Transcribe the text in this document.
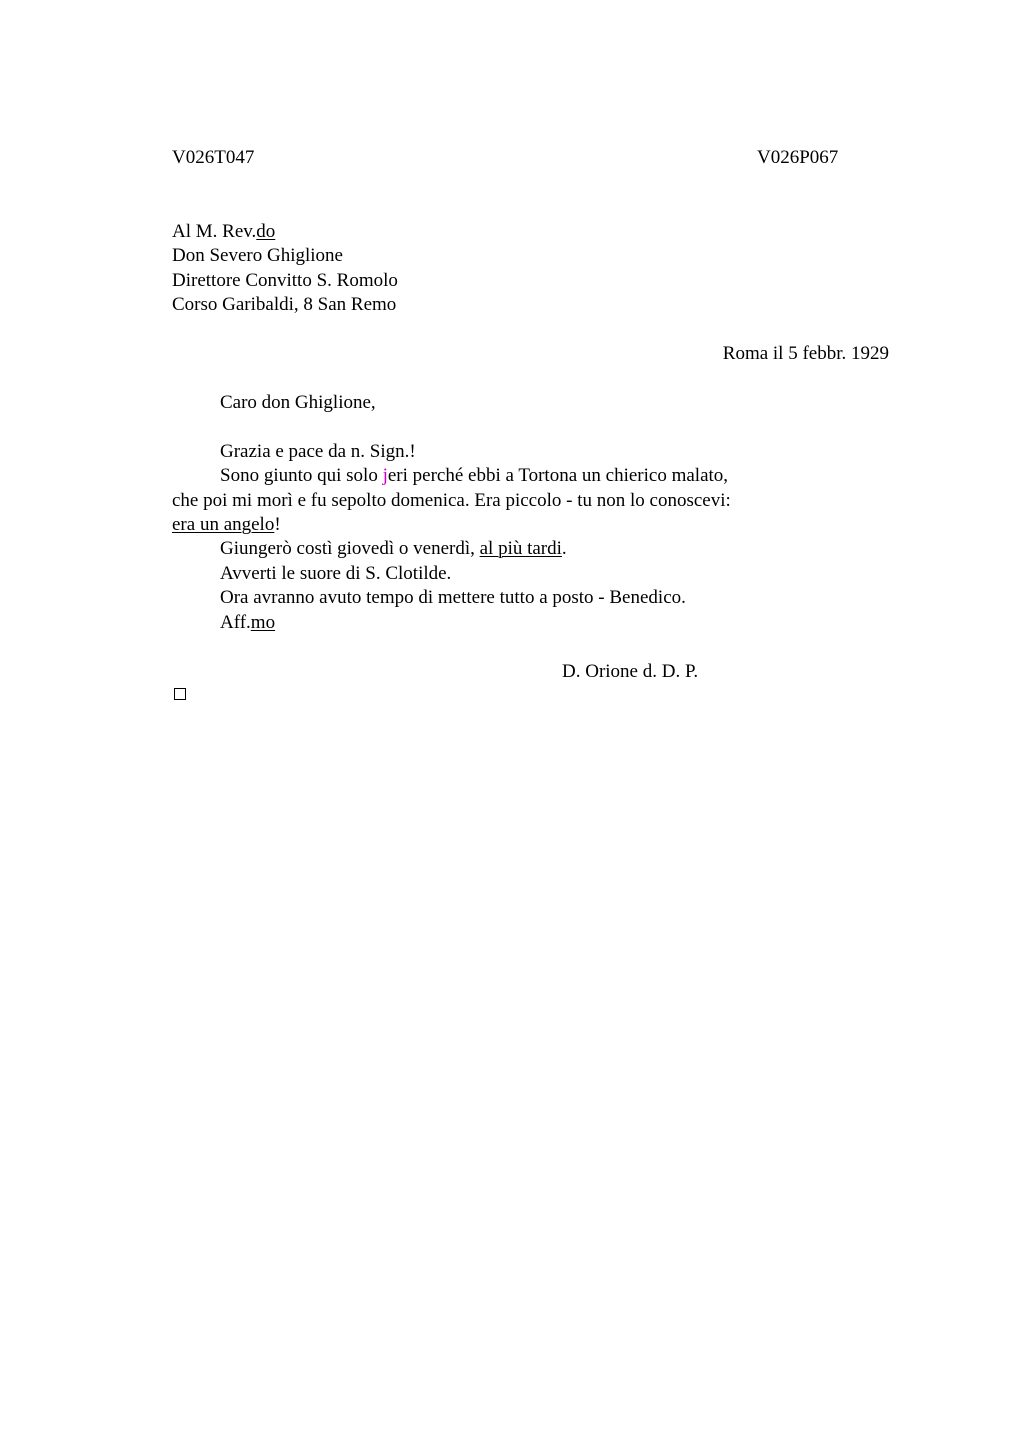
V026T047	V026P067
Al M. Rev.do
Don Severo Ghiglione
Direttore Convitto S. Romolo
Corso Garibaldi, 8 San Remo
Roma il 5 febbr. 1929
Caro don Ghiglione,
Grazia e pace da n. Sign.!
Sono giunto qui solo jeri perché ebbi a Tortona un chierico malato,
che poi mi morì e fu sepolto domenica. Era piccolo - tu non lo conoscevi:
era un angelo!
Giungerò costì giovedì o venerdì, al più tardi.
Avverti le suore di S. Clotilde.
Ora avranno avuto tempo di mettere tutto a posto - Benedico.
Aff.mo
D. Orione d. D. P.
